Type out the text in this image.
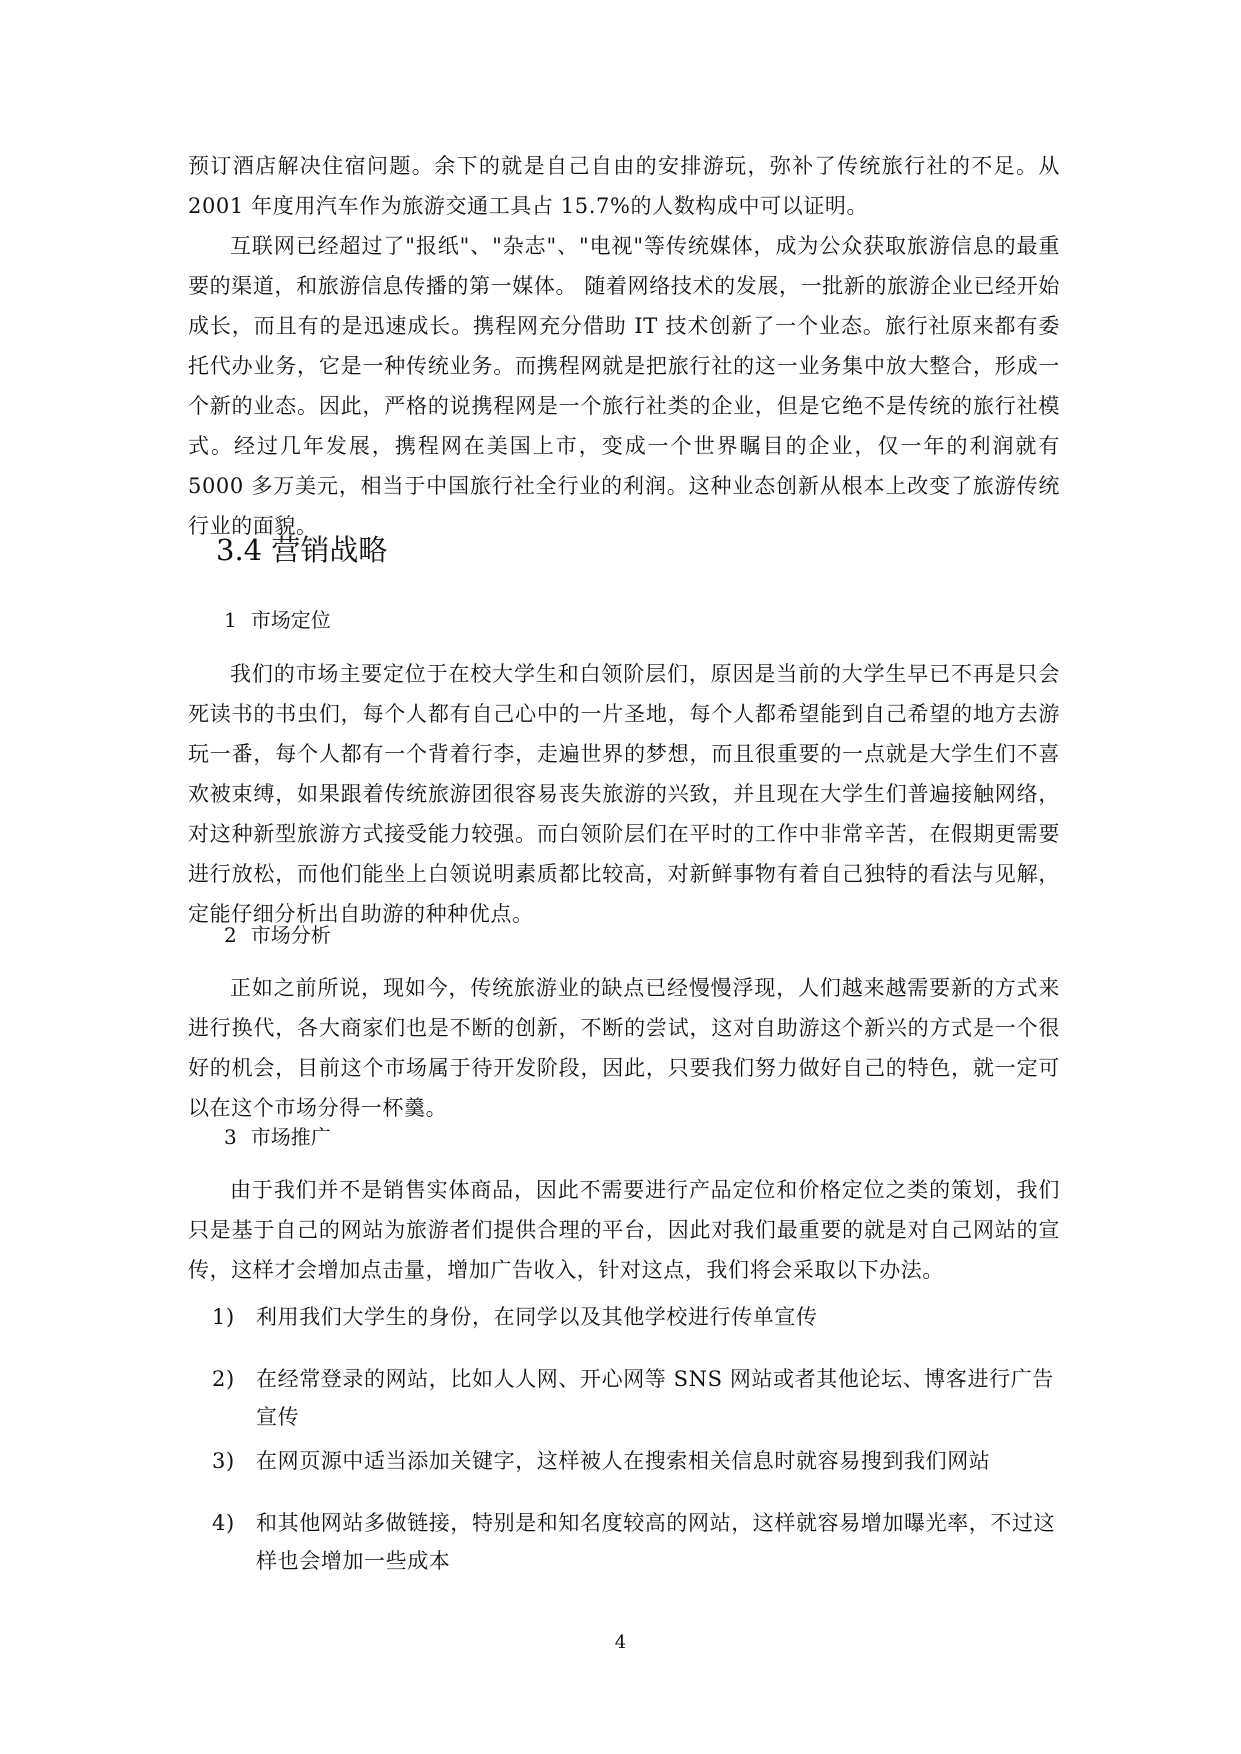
预订酒店解决住宿问题。余下的就是自己自由的安排游玩，弥补了传统旅行社的不足。从 2001 年度用汽车作为旅游交通工具占 15.7%的人数构成中可以证明。

互联网已经超过了"报纸"、"杂志"、"电视"等传统媒体，成为公众获取旅游信息的最重要的渠道，和旅游信息传播的第一媒体。 随着网络技术的发展，一批新的旅游企业已经开始成长，而且有的是迅速成长。携程网充分借助 IT 技术创新了一个业态。旅行社原来都有委托代办业务，它是一种传统业务。而携程网就是把旅行社的这一业务集中放大整合，形成一个新的业态。因此，严格的说携程网是一个旅行社类的企业，但是它绝不是传统的旅行社模式。经过几年发展，携程网在美国上市，变成一个世界瞩目的企业，仅一年的利润就有 5000 多万美元，相当于中国旅行社全行业的利润。这种业态创新从根本上改变了旅游传统行业的面貌。

3.4 营销战略
1 市场定位

我们的市场主要定位于在校大学生和白领阶层们，原因是当前的大学生早已不再是只会死读书的书虫们，每个人都有自己心中的一片圣地，每个人都希望能到自己希望的地方去游玩一番，每个人都有一个背着行李，走遍世界的梦想，而且很重要的一点就是大学生们不喜欢被束缚，如果跟着传统旅游团很容易丧失旅游的兴致，并且现在大学生们普遍接触网络，对这种新型旅游方式接受能力较强。而白领阶层们在平时的工作中非常辛苦，在假期更需要进行放松，而他们能坐上白领说明素质都比较高，对新鲜事物有着自己独特的看法与见解，定能仔细分析出自助游的种种优点。

2 市场分析

正如之前所说，现如今，传统旅游业的缺点已经慢慢浮现，人们越来越需要新的方式来进行换代，各大商家们也是不断的创新，不断的尝试，这对自助游这个新兴的方式是一个很好的机会，目前这个市场属于待开发阶段，因此，只要我们努力做好自己的特色，就一定可以在这个市场分得一杯羹。

3 市场推广

由于我们并不是销售实体商品，因此不需要进行产品定位和价格定位之类的策划，我们只是基于自己的网站为旅游者们提供合理的平台，因此对我们最重要的就是对自己网站的宣传，这样才会增加点击量，增加广告收入，针对这点，我们将会采取以下办法。

1)	利用我们大学生的身份，在同学以及其他学校进行传单宣传
2)	在经常登录的网站，比如人人网、开心网等 SNS 网站或者其他论坛、博客进行广告宣传
3)	在网页源中适当添加关键字，这样被人在搜索相关信息时就容易搜到我们网站
4)	和其他网站多做链接，特别是和知名度较高的网站，这样就容易增加曝光率，不过这样也会增加一些成本
4
